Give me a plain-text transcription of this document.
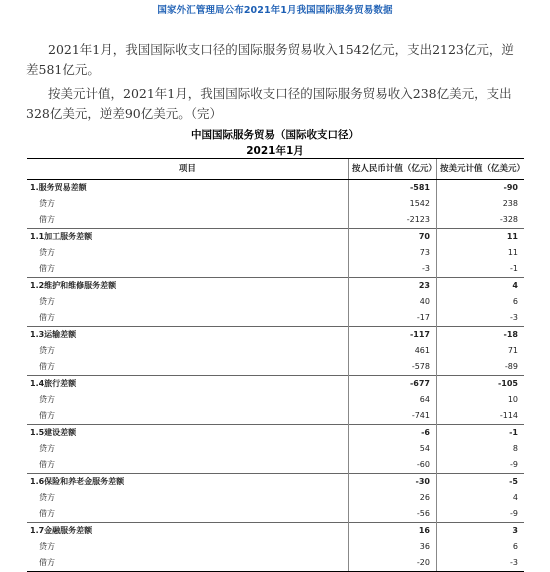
国家外汇管理局公布2021年1月我国国际服务贸易数据
2021年1月，我国国际收支口径的国际服务贸易收入1542亿元，支出2123亿元，逆差581亿元。
按美元计值，2021年1月，我国国际收支口径的国际服务贸易收入238亿美元，支出328亿美元，逆差90亿美元。（完）
中国国际服务贸易（国际收支口径）
2021年1月
项目	按人民币计值（亿元）	按美元计值（亿美元）
1.服务贸易差额	-581	-90
贷方	1542	238
借方	-2123	-328
1.1加工服务差额	70	11
贷方	73	11
借方	-3	-1
1.2维护和维修服务差额	23	4
贷方	40	6
借方	-17	-3
1.3运输差额	-117	-18
贷方	461	71
借方	-578	-89
1.4旅行差额	-677	-105
贷方	64	10
借方	-741	-114
1.5建设差额	-6	-1
贷方	54	8
借方	-60	-9
1.6保险和养老金服务差额	-30	-5
贷方	26	4
借方	-56	-9
1.7金融服务差额	16	3
贷方	36	6
借方	-20	-3
